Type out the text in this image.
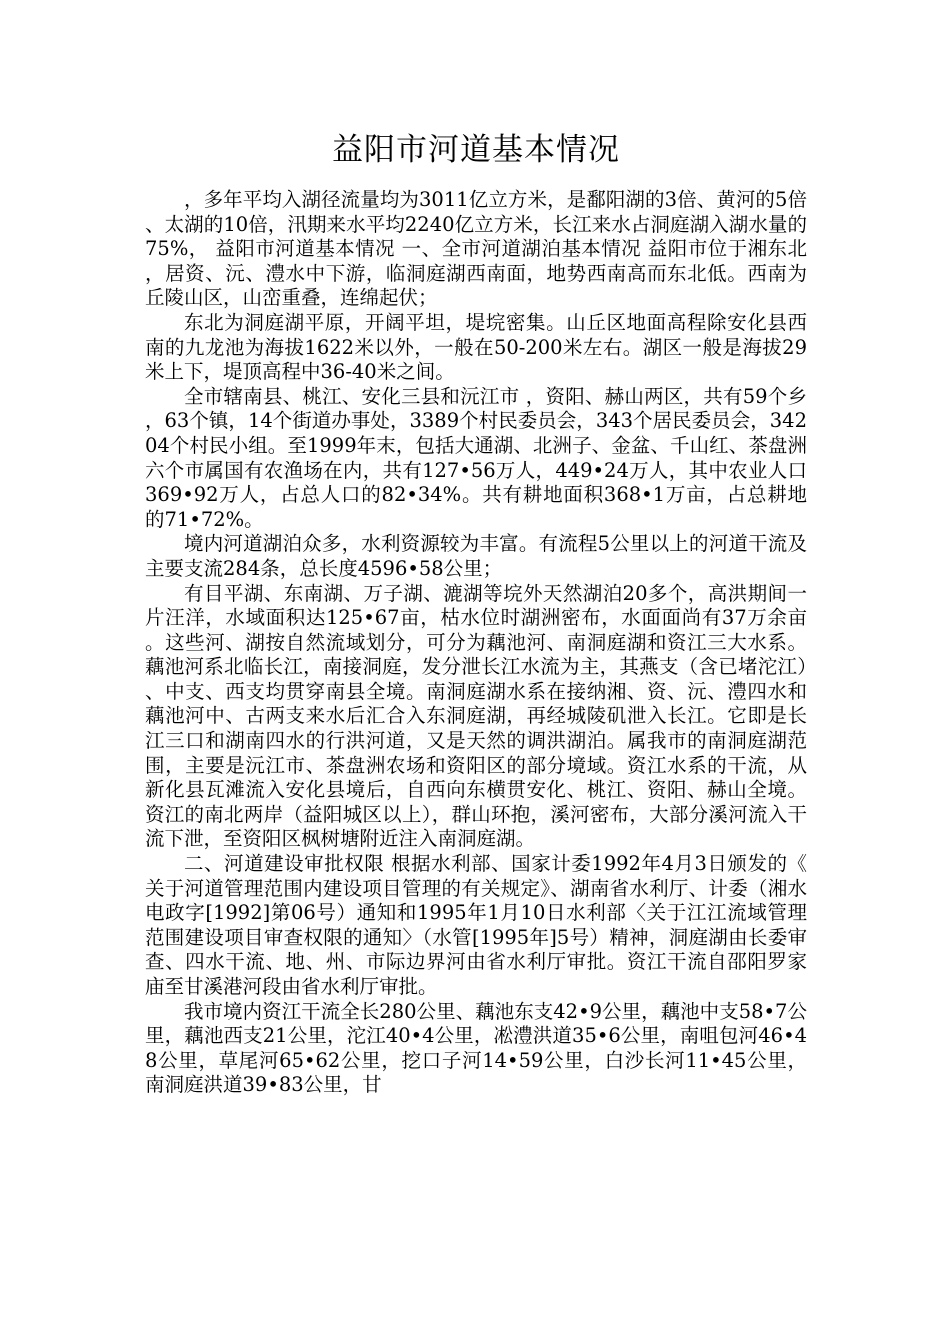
益阳市河道基本情况

，多年平均入湖径流量均为3011亿立方米，是鄱阳湖的3倍、黄河的5倍、太湖的10倍，汛期来水平均2240亿立方米，长江来水占洞庭湖入湖水量的75%， 益阳市河道基本情况 一、全市河道湖泊基本情况 益阳市位于湘东北，居资、沅、澧水中下游，临洞庭湖西南面，地势西南高而东北低。西南为丘陵山区，山峦重叠，连绵起伏；

东北为洞庭湖平原，开阔平坦，堤垸密集。山丘区地面高程除安化县西南的九龙池为海拔1622米以外，一般在50-200米左右。湖区一般是海拔29米上下，堤顶高程中36-40米之间。

全市辖南县、桃江、安化三县和沅江市 ，资阳、赫山两区，共有59个乡，63个镇，14个街道办事处，3389个村民委员会，343个居民委员会，34204个村民小组。至1999年末，包括大通湖、北洲子、金盆、千山红、茶盘洲六个市属国有农渔场在内，共有127•56万人，449•24万人，其中农业人口369•92万人，占总人口的82•34%。共有耕地面积368•1万亩，占总耕地的71•72%。

境内河道湖泊众多，水利资源较为丰富。有流程5公里以上的河道干流及主要支流284条，总长度4596•58公里；

有目平湖、东南湖、万子湖、漉湖等垸外天然湖泊20多个，高洪期间一片汪洋，水域面积达125•67亩，枯水位时湖洲密布，水面面尚有37万余亩。这些河、湖按自然流域划分，可分为藕池河、南洞庭湖和资江三大水系。藕池河系北临长江，南接洞庭，发分泄长江水流为主，其燕支（含已堵沱江）、中支、西支均贯穿南县全境。南洞庭湖水系在接纳湘、资、沅、澧四水和藕池河中、古两支来水后汇合入东洞庭湖，再经城陵矶泄入长江。它即是长江三口和湖南四水的行洪河道，又是天然的调洪湖泊。属我市的南洞庭湖范围，主要是沅江市、茶盘洲农场和资阳区的部分境域。资江水系的干流，从新化县瓦滩流入安化县境后，自西向东横贯安化、桃江、资阳、赫山全境。资江的南北两岸（益阳城区以上），群山环抱，溪河密布，大部分溪河流入干流下泄，至资阳区枫树塘附近注入南洞庭湖。

二、河道建设审批权限 根据水利部、国家计委1992年4月3日颁发的《关于河道管理范围内建设项目管理的有关规定》、湖南省水利厅、计委（湘水电政字[1992]第06号）通知和1995年1月10日水利部〈关于江江流域管理范围建设项目审查权限的通知〉（水管[1995年]5号）精神，洞庭湖由长委审查、四水干流、地、州、市际边界河由省水利厅审批。资江干流自邵阳罗家庙至甘溪港河段由省水利厅审批。

我市境内资江干流全长280公里、藕池东支42•9公里，藕池中支58•7公里，藕池西支21公里，沱江40•4公里，凇澧洪道35•6公里，南咀包河46•48公里，草尾河65•62公里，挖口子河14•59公里，白沙长河11•45公里，南洞庭洪道39•83公里，甘
